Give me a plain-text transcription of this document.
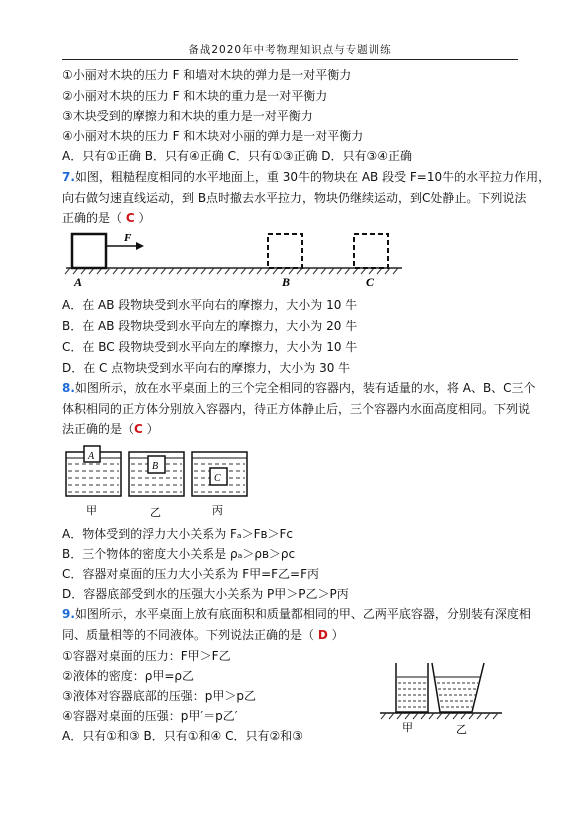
备战2020年中考物理知识点与专题训练
①小丽对木块的压力 F 和墙对木块的弹力是一对平衡力
②小丽对木块的压力 F 和木块的重力是一对平衡力
③木块受到的摩擦力和木块的重力是一对平衡力
④小丽对木块的压力 F 和木块对小丽的弹力是一对平衡力
A．只有①正确 B．只有④正确 C．只有①③正确 D．只有③④正确
7.如图，粗糙程度相同的水平地面上，重 30牛的物块在 AB 段受 F=10牛的水平拉力作用，
向右做匀速直线运动，到 B点时撤去水平拉力，物块仍继续运动，到C处静止。下列说法
正确的是（ C ）
F
A	B	C
A．在 AB 段物块受到水平向右的摩擦力，大小为 10 牛
B．在 AB 段物块受到水平向左的摩擦力，大小为 20 牛
C．在 BC 段物块受到水平向左的摩擦力，大小为 10 牛
D．在 C 点物块受到水平向右的摩擦力，大小为 30 牛
8.如图所示，放在水平桌面上的三个完全相同的容器内，装有适量的水，将 A、B、C三个
体积相同的正方体分别放入容器内，待正方体静止后，三个容器内水面高度相同。下列说
法正确的是（C ）
A
B
C
甲	乙	丙
A．物体受到的浮力大小关系为 Fₐ＞Fʙ＞Fc
B．三个物体的密度大小关系是 ρₐ＞ρʙ＞ρc
C．容器对桌面的压力大小关系为 F甲=F乙=F丙
D．容器底部受到水的压强大小关系为 P甲＞P乙＞P丙
9.如图所示，水平桌面上放有底面积和质量都相同的甲、乙两平底容器，分别装有深度相
同、质量相等的不同液体。下列说法正确的是（ D ）
①容器对桌面的压力：F甲＞F乙
②液体的密度：ρ甲=ρ乙
③液体对容器底部的压强：p甲＞p乙
④容器对桌面的压强：p甲′＝p乙′
A．只有①和③ B．只有①和④ C．只有②和③
甲	乙
